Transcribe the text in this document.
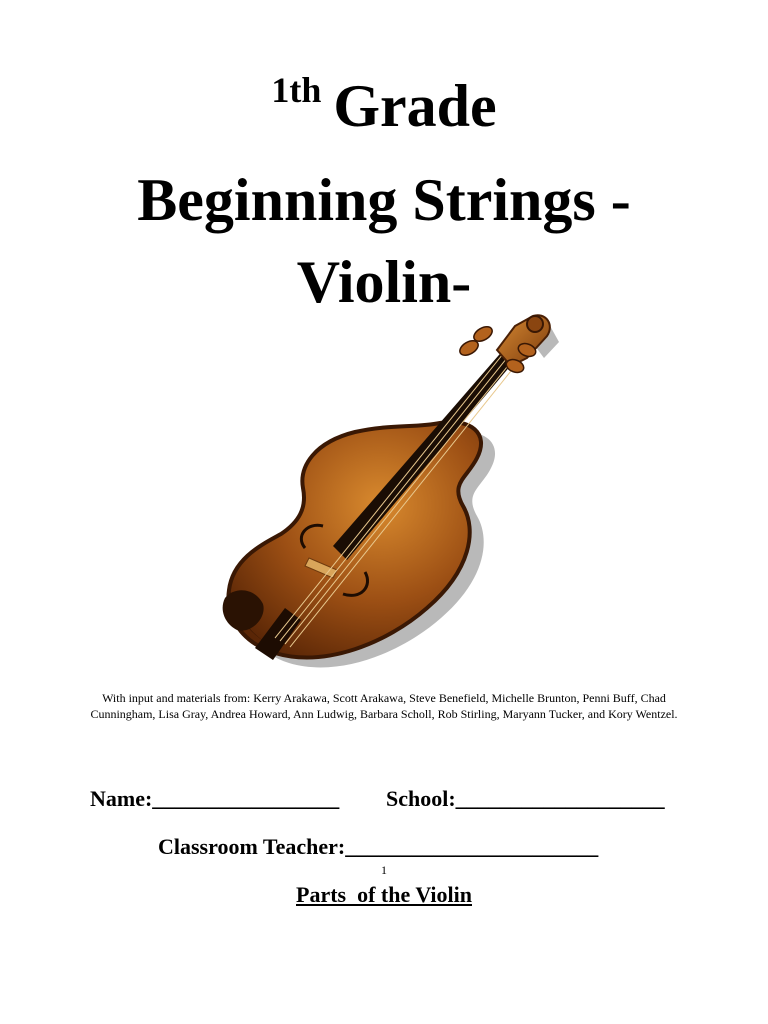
$^{1th}$ Grade
Beginning Strings -
Violin-
With input and materials from: Kerry Arakawa, Scott Arakawa, Steve Benefield, Michelle Brunton, Penni Buff, Chad Cunningham, Lisa Gray, Andrea Howard, Ann Ludwig, Barbara Scholl, Rob Stirling, Maryann Tucker, and Kory Wentzel.
Name:_________________ School:___________________
Classroom Teacher:_______________________
1
Parts  of the Violin
